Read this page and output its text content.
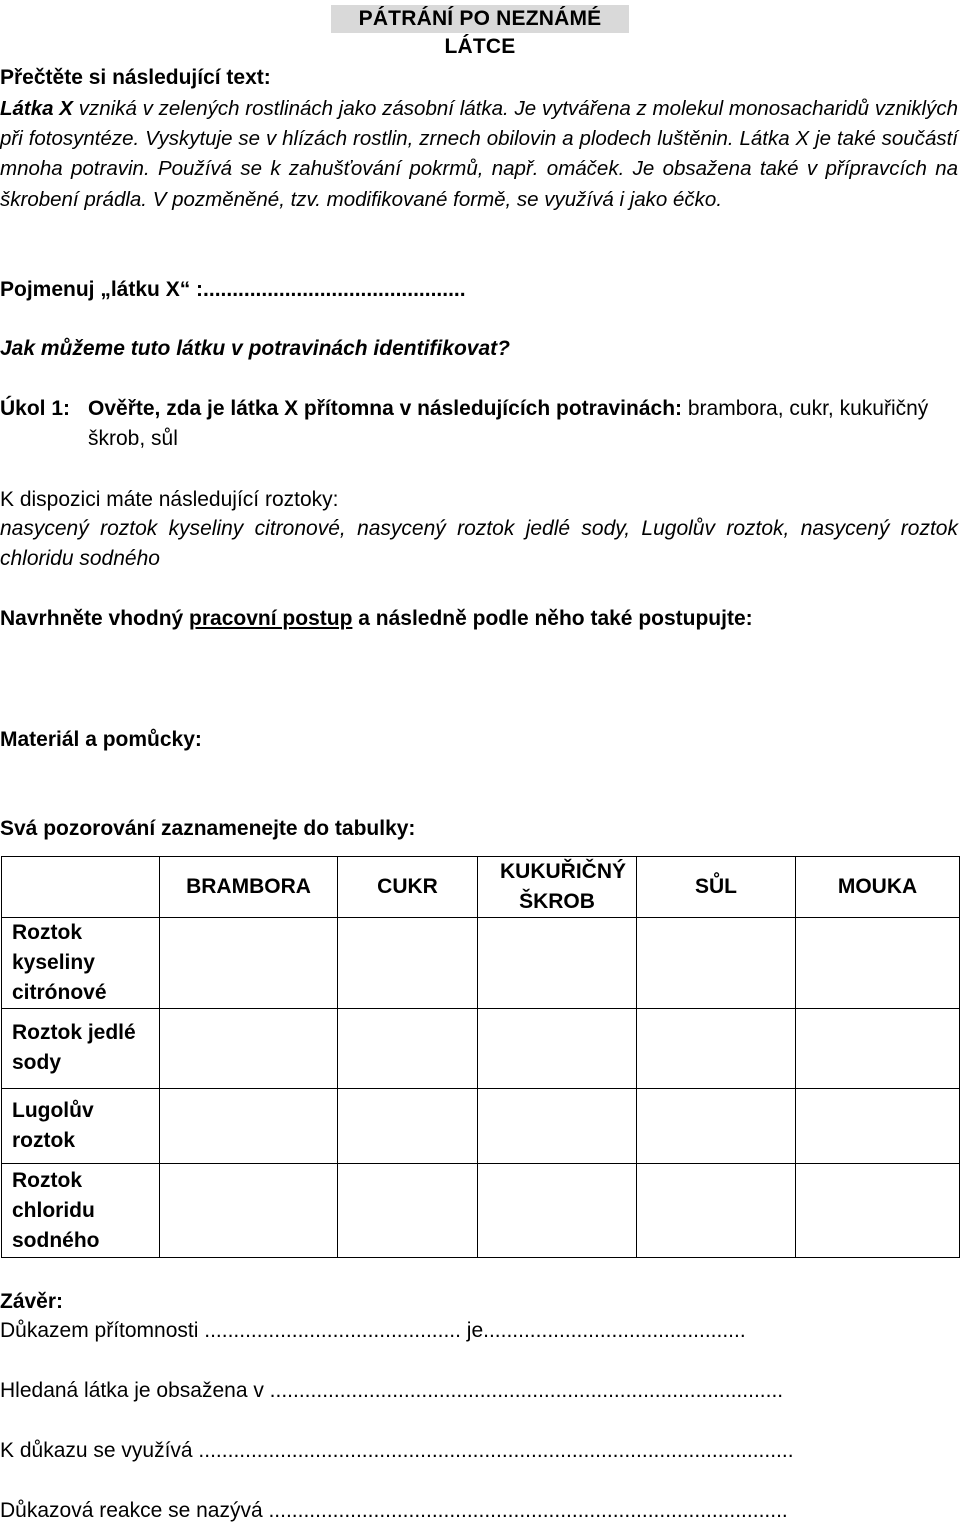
PÁTRÁNÍ PO NEZNÁMÉ LÁTCE
Přečtěte si následující text:
Látka X vzniká v zelených rostlinách jako zásobní látka. Je vytvářena z molekul monosacharidů vzniklých při fotosyntéze. Vyskytuje se v hlízách rostlin, zrnech obilovin a plodech luštěnin. Látka X je také součástí mnoha potravin. Používá se k zahušťování pokrmů, např. omáček. Je obsažena také v přípravcích na škrobení prádla. V pozměněné, tzv. modifikované formě, se využívá i jako éčko.
Pojmenuj „látku X“ :.............................................
Jak můžeme tuto látku v potravinách identifikovat?
Úkol 1: Ověřte, zda je látka X přítomna v následujících potravinách: brambora, cukr, kukuřičný
škrob, sůl
K dispozici máte následující roztoky:
nasycený roztok kyseliny citronové, nasycený roztok jedlé sody, Lugolův roztok, nasycený roztok
chloridu sodného
Navrhněte vhodný pracovní postup a následně podle něho také postupujte:
Materiál a pomůcky:
Svá pozorování zaznamenejte do tabulky:
	BRAMBORA	CUKR	KUKUŘIČNÝ ŠKROB	SŮL	MOUKA
Roztok kyseliny citrónové					
Roztok jedlé sody					
Lugolův roztok					
Roztok chloridu sodného					
Závěr:
Důkazem přítomnosti ............................................ je.............................................
Hledaná látka je obsažena v ........................................................................................
K důkazu se využívá ......................................................................................................
Důkazová reakce se nazývá .........................................................................................
